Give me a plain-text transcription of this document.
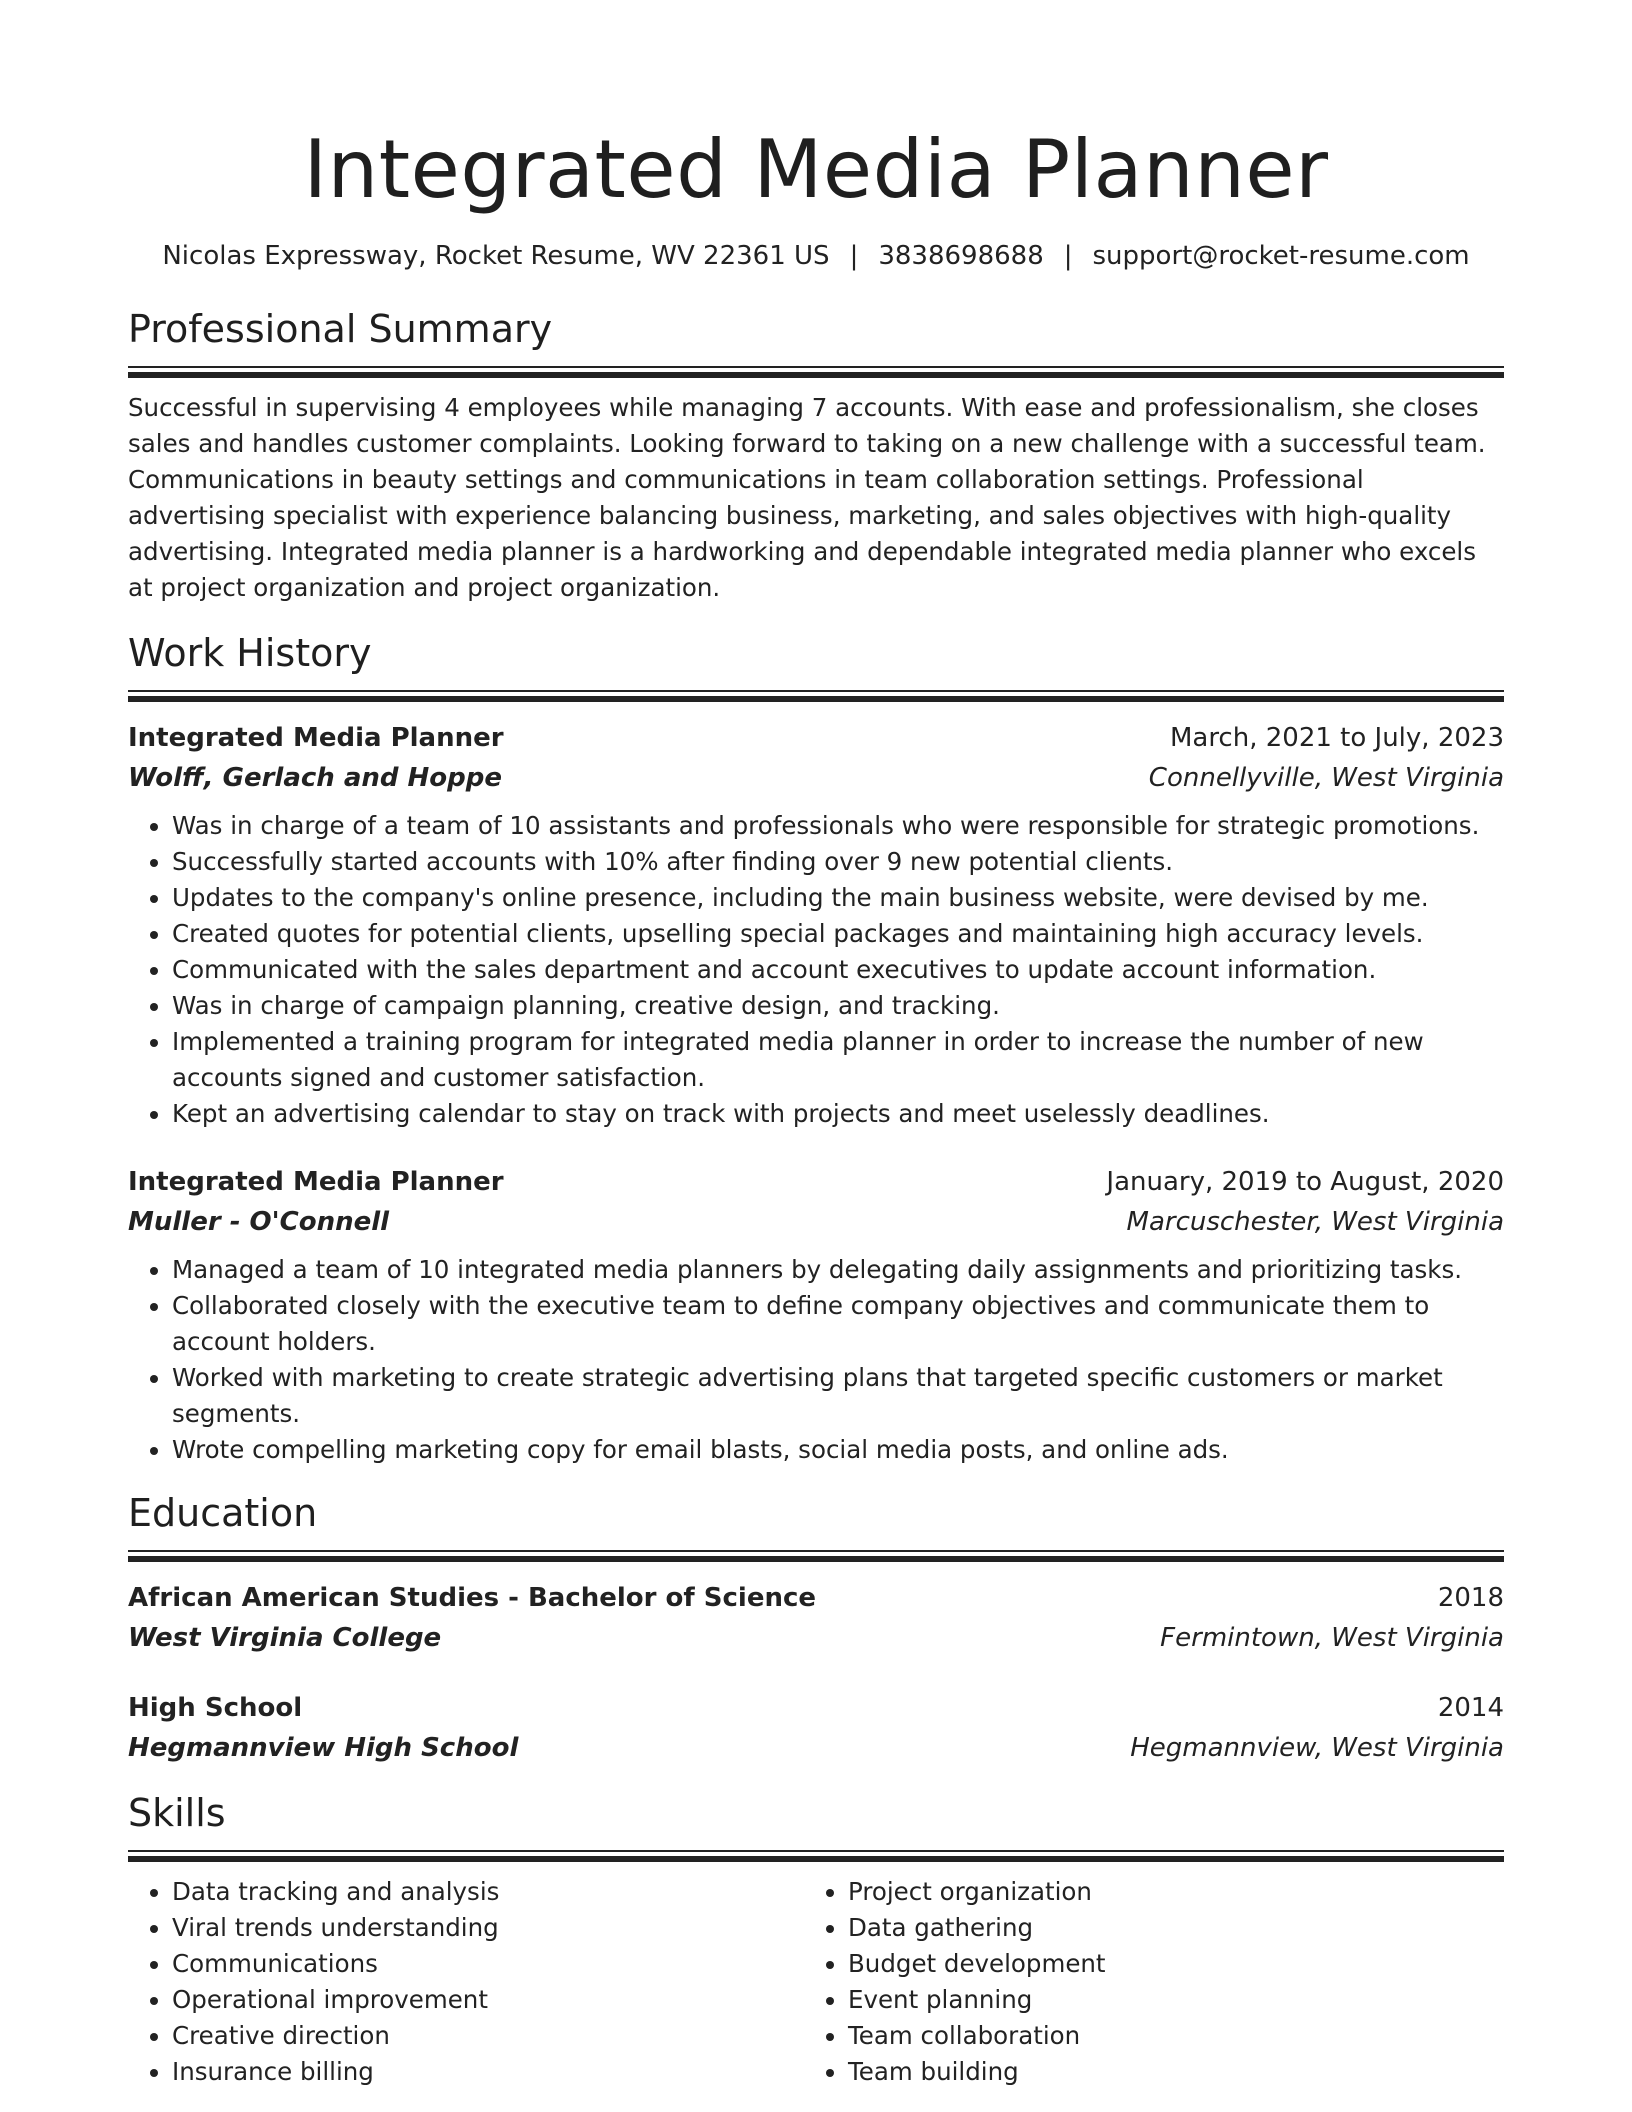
Integrated Media Planner
Nicolas Expressway, Rocket Resume, WV 22361 US | 3838698688 | support@rocket-resume.com
Professional Summary
Successful in supervising 4 employees while managing 7 accounts. With ease and professionalism, she closes sales and handles customer complaints. Looking forward to taking on a new challenge with a successful team. Communications in beauty settings and communications in team collaboration settings. Professional advertising specialist with experience balancing business, marketing, and sales objectives with high-quality advertising. Integrated media planner is a hardworking and dependable integrated media planner who excels at project organization and project organization.
Work History
Integrated Media Planner	March, 2021 to July, 2023
Wolff, Gerlach and Hoppe	Connellyville, West Virginia
• Was in charge of a team of 10 assistants and professionals who were responsible for strategic promotions.
• Successfully started accounts with 10% after finding over 9 new potential clients.
• Updates to the company's online presence, including the main business website, were devised by me.
• Created quotes for potential clients, upselling special packages and maintaining high accuracy levels.
• Communicated with the sales department and account executives to update account information.
• Was in charge of campaign planning, creative design, and tracking.
• Implemented a training program for integrated media planner in order to increase the number of new accounts signed and customer satisfaction.
• Kept an advertising calendar to stay on track with projects and meet uselessly deadlines.
Integrated Media Planner	January, 2019 to August, 2020
Muller - O'Connell	Marcuschester, West Virginia
• Managed a team of 10 integrated media planners by delegating daily assignments and prioritizing tasks.
• Collaborated closely with the executive team to define company objectives and communicate them to account holders.
• Worked with marketing to create strategic advertising plans that targeted specific customers or market segments.
• Wrote compelling marketing copy for email blasts, social media posts, and online ads.
Education
African American Studies - Bachelor of Science	2018
West Virginia College	Fermintown, West Virginia
High School	2014
Hegmannview High School	Hegmannview, West Virginia
Skills
• Data tracking and analysis
• Viral trends understanding
• Communications
• Operational improvement
• Creative direction
• Insurance billing
• Project organization
• Data gathering
• Budget development
• Event planning
• Team collaboration
• Team building
